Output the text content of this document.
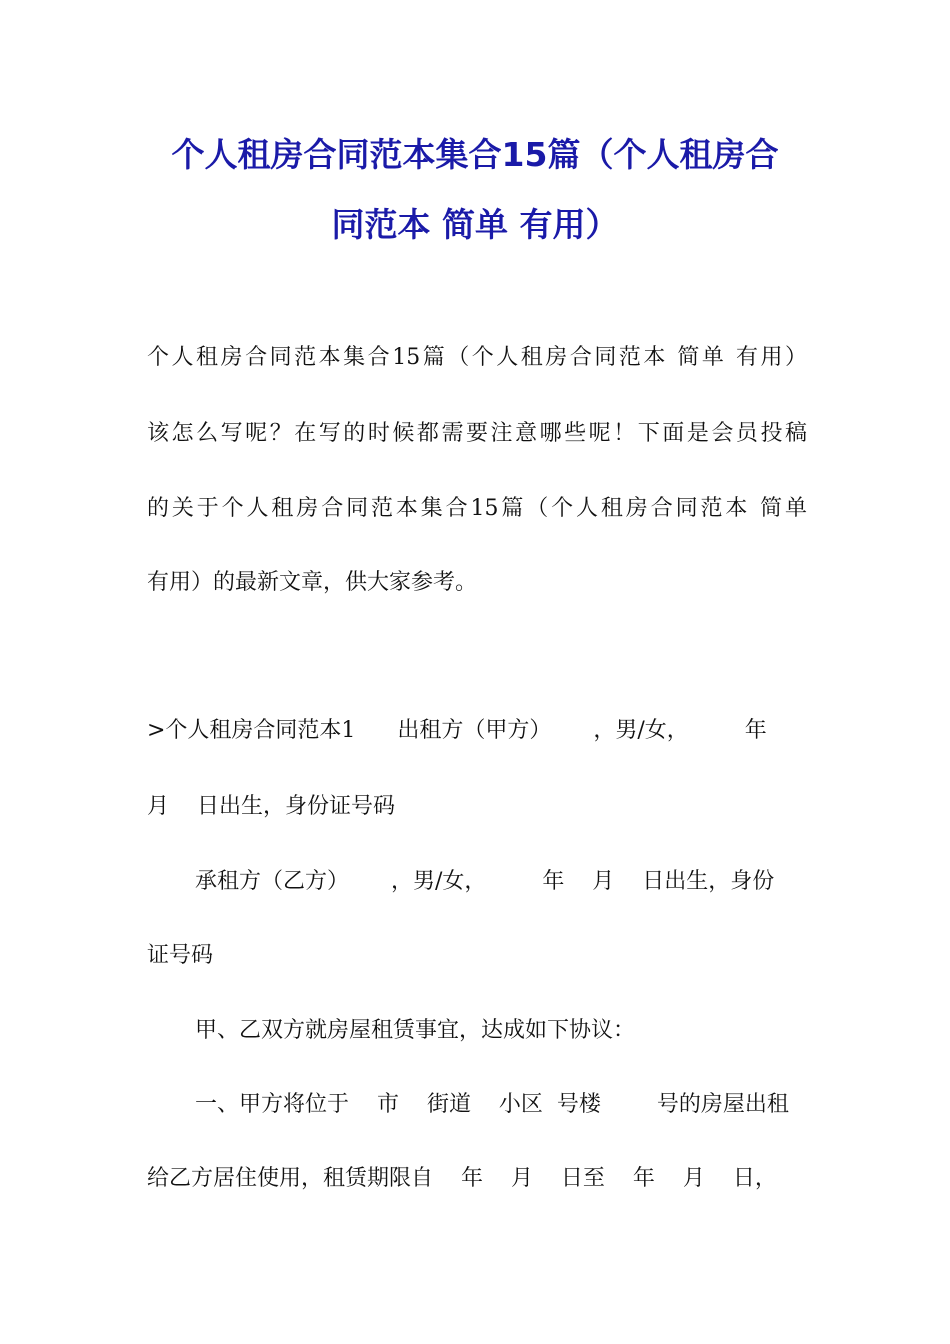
个人租房合同范本集合15篇（个人租房合
同范本 简单 有用）
个人租房合同范本集合15篇（个人租房合同范本 简单 有用）
该怎么写呢？在写的时候都需要注意哪些呢！下面是会员投稿
的关于个人租房合同范本集合15篇（个人租房合同范本 简单
有用）的最新文章，供大家参考。
>个人租房合同范本1      出租方（甲方）      ，男/女，        年
月    日出生，身份证号码
承租方（乙方）      ，男/女，        年    月    日出生，身份
证号码
甲、乙双方就房屋租赁事宜，达成如下协议：
一、甲方将位于    市    街道    小区  号楼        号的房屋出租
给乙方居住使用，租赁期限自    年    月    日至    年    月    日，
